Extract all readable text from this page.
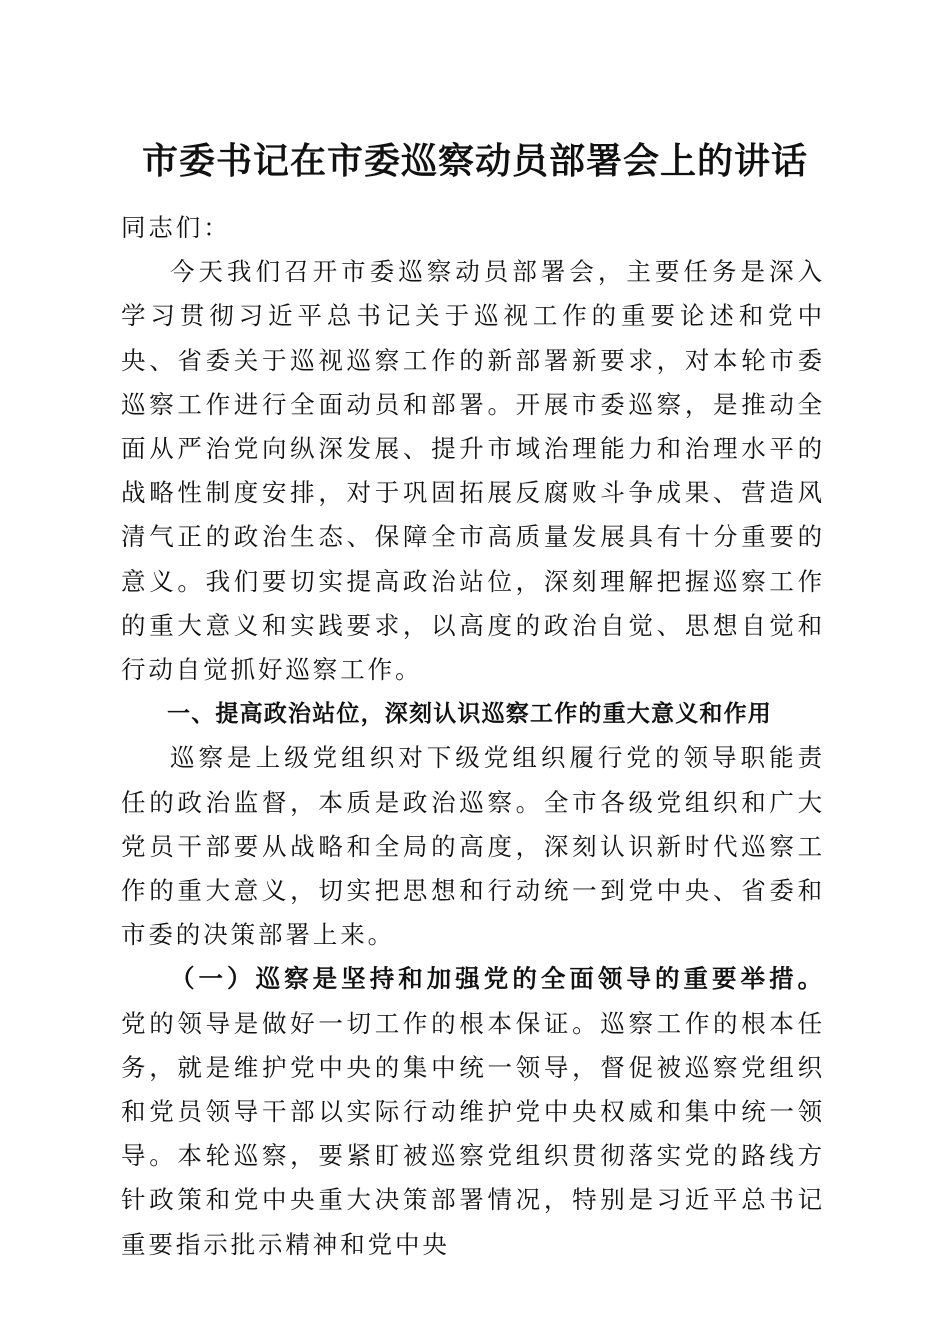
市委书记在市委巡察动员部署会上的讲话

同志们：

今天我们召开市委巡察动员部署会，主要任务是深入学习贯彻习近平总书记关于巡视工作的重要论述和党中央、省委关于巡视巡察工作的新部署新要求，对本轮市委巡察工作进行全面动员和部署。开展市委巡察，是推动全面从严治党向纵深发展、提升市域治理能力和治理水平的战略性制度安排，对于巩固拓展反腐败斗争成果、营造风清气正的政治生态、保障全市高质量发展具有十分重要的意义。我们要切实提高政治站位，深刻理解把握巡察工作的重大意义和实践要求，以高度的政治自觉、思想自觉和行动自觉抓好巡察工作。

一、提高政治站位，深刻认识巡察工作的重大意义和作用

巡察是上级党组织对下级党组织履行党的领导职能责任的政治监督，本质是政治巡察。全市各级党组织和广大党员干部要从战略和全局的高度，深刻认识新时代巡察工作的重大意义，切实把思想和行动统一到党中央、省委和市委的决策部署上来。

（一）巡察是坚持和加强党的全面领导的重要举措。党的领导是做好一切工作的根本保证。巡察工作的根本任务，就是维护党中央的集中统一领导，督促被巡察党组织和党员领导干部以实际行动维护党中央权威和集中统一领导。本轮巡察，要紧盯被巡察党组织贯彻落实党的路线方针政策和党中央重大决策部署情况，特别是习近平总书记重要指示批示精神和党中央
